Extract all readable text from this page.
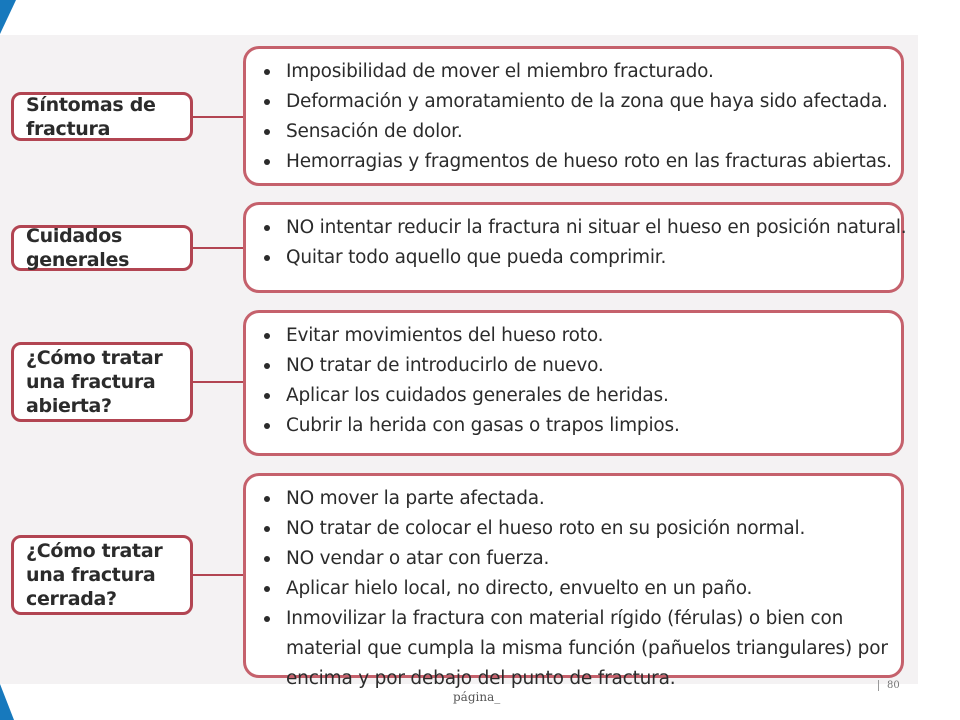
Síntomas de fractura
Imposibilidad de mover el miembro fracturado.
Deformación y amoratamiento de la zona que haya sido afectada.
Sensación de dolor.
Hemorragias y fragmentos de hueso roto en las fracturas abiertas.
Cuidados generales
NO intentar reducir la fractura ni situar el hueso en posición natural.
Quitar todo aquello que pueda comprimir.
¿Cómo tratar una fractura abierta?
Evitar movimientos del hueso roto.
NO tratar de introducirlo de nuevo.
Aplicar los cuidados generales de heridas.
Cubrir la herida con gasas o trapos limpios.
¿Cómo tratar una fractura cerrada?
NO mover la parte afectada.
NO tratar de colocar el hueso roto en su posición normal.
NO vendar o atar con fuerza.
Aplicar hielo local, no directo, envuelto en un paño.
Inmovilizar la fractura con material rígido (férulas) o bien con material que cumpla la misma función (pañuelos triangulares) por encima y por debajo del punto de fractura.
página_
80
